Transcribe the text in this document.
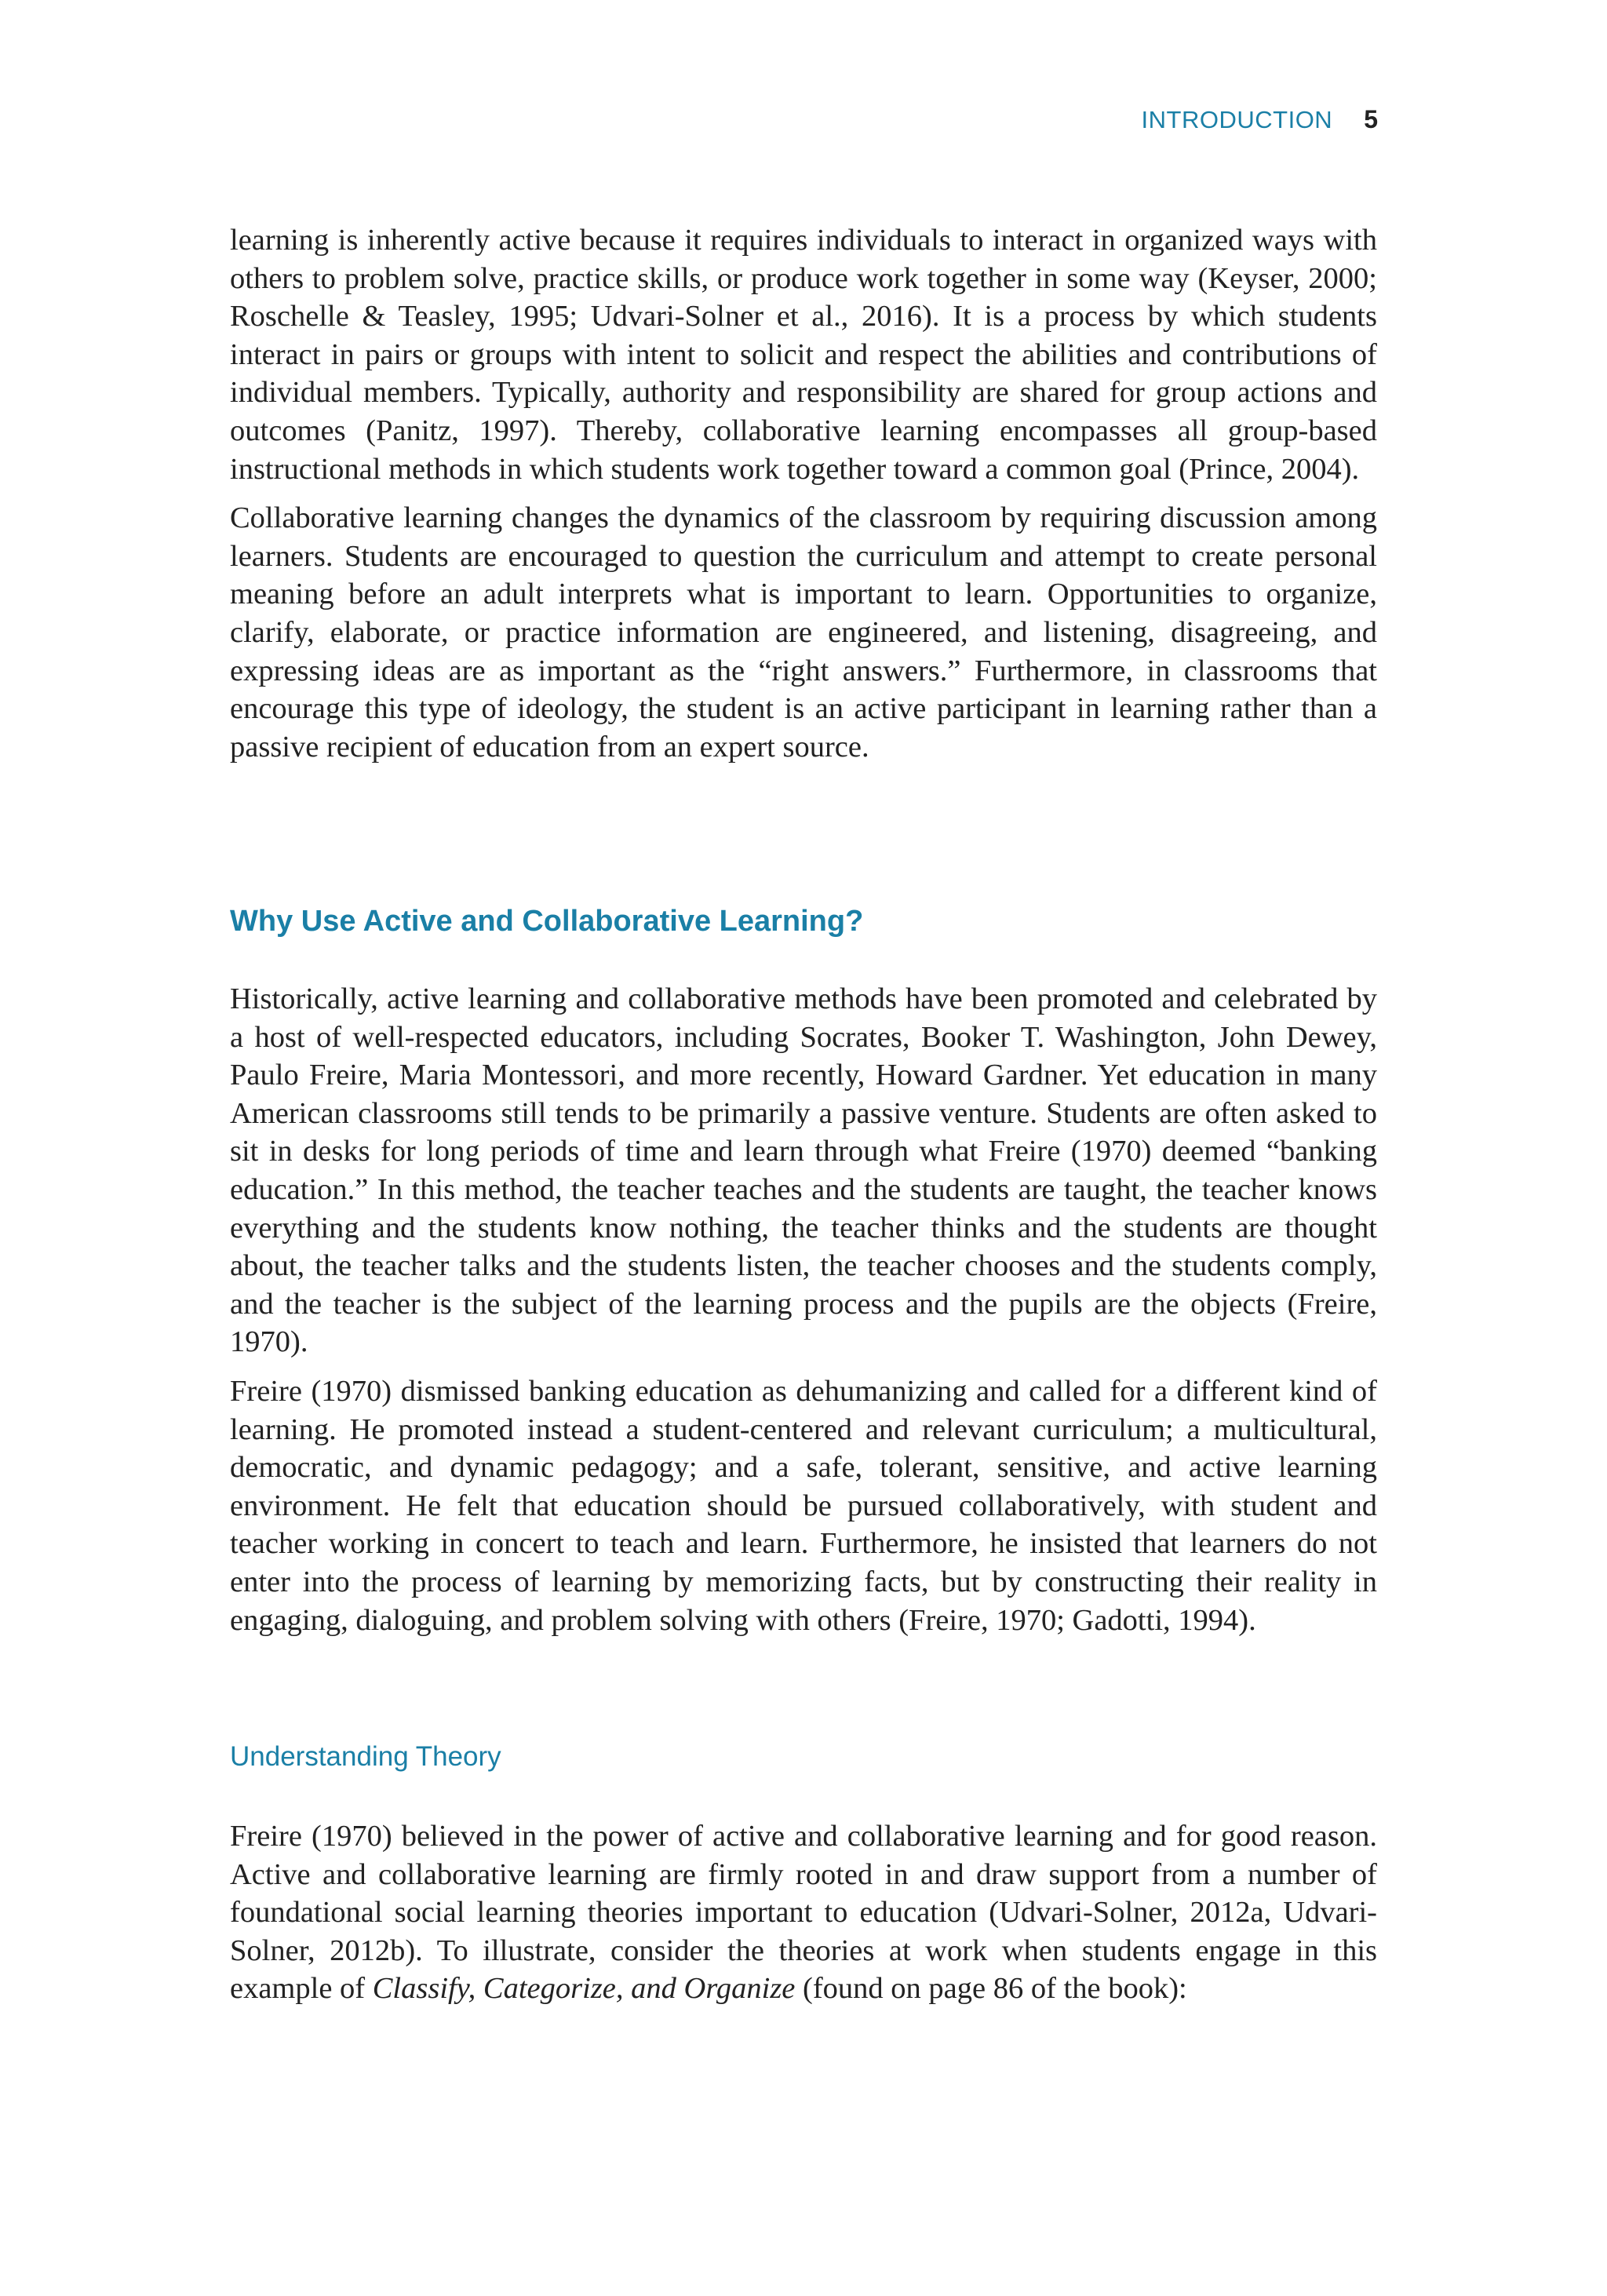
INTRODUCTION 5

learning is inherently active because it requires individuals to interact in organized ways with others to problem solve, practice skills, or produce work together in some way (Keyser, 2000; Roschelle & Teasley, 1995; Udvari-Solner et al., 2016). It is a process by which students interact in pairs or groups with intent to solicit and respect the abilities and contributions of individual members. Typically, authority and responsibility are shared for group actions and outcomes (Panitz, 1997). Thereby, collaborative learning encompasses all group-based instructional methods in which students work together toward a common goal (Prince, 2004).

Collaborative learning changes the dynamics of the classroom by requiring discussion among learners. Students are encouraged to question the curriculum and attempt to create personal meaning before an adult interprets what is important to learn. Opportunities to organize, clarify, elaborate, or practice information are engineered, and listening, disagreeing, and expressing ideas are as important as the “right answers.” Furthermore, in classrooms that encourage this type of ideology, the student is an active participant in learning rather than a passive recipient of education from an expert source.

Why Use Active and Collaborative Learning?

Historically, active learning and collaborative methods have been promoted and celebrated by a host of well-respected educators, including Socrates, Booker T. Washington, John Dewey, Paulo Freire, Maria Montessori, and more recently, Howard Gardner. Yet education in many American classrooms still tends to be primarily a passive venture. Students are often asked to sit in desks for long periods of time and learn through what Freire (1970) deemed “banking education.” In this method, the teacher teaches and the students are taught, the teacher knows everything and the students know nothing, the teacher thinks and the students are thought about, the teacher talks and the students listen, the teacher chooses and the students comply, and the teacher is the subject of the learning process and the pupils are the objects (Freire, 1970).

Freire (1970) dismissed banking education as dehumanizing and called for a different kind of learning. He promoted instead a student-centered and relevant curriculum; a multicultural, democratic, and dynamic pedagogy; and a safe, tolerant, sensitive, and active learning environment. He felt that education should be pursued collaboratively, with student and teacher working in concert to teach and learn. Furthermore, he insisted that learners do not enter into the process of learning by memorizing facts, but by constructing their reality in engaging, dialoguing, and problem solving with others (Freire, 1970; Gadotti, 1994).

Understanding Theory

Freire (1970) believed in the power of active and collaborative learning and for good reason. Active and collaborative learning are firmly rooted in and draw support from a number of foundational social learning theories important to education (Udvari-Solner, 2012a, Udvari-Solner, 2012b). To illustrate, consider the theories at work when students engage in this example of Classify, Categorize, and Organize (found on page 86 of the book):
